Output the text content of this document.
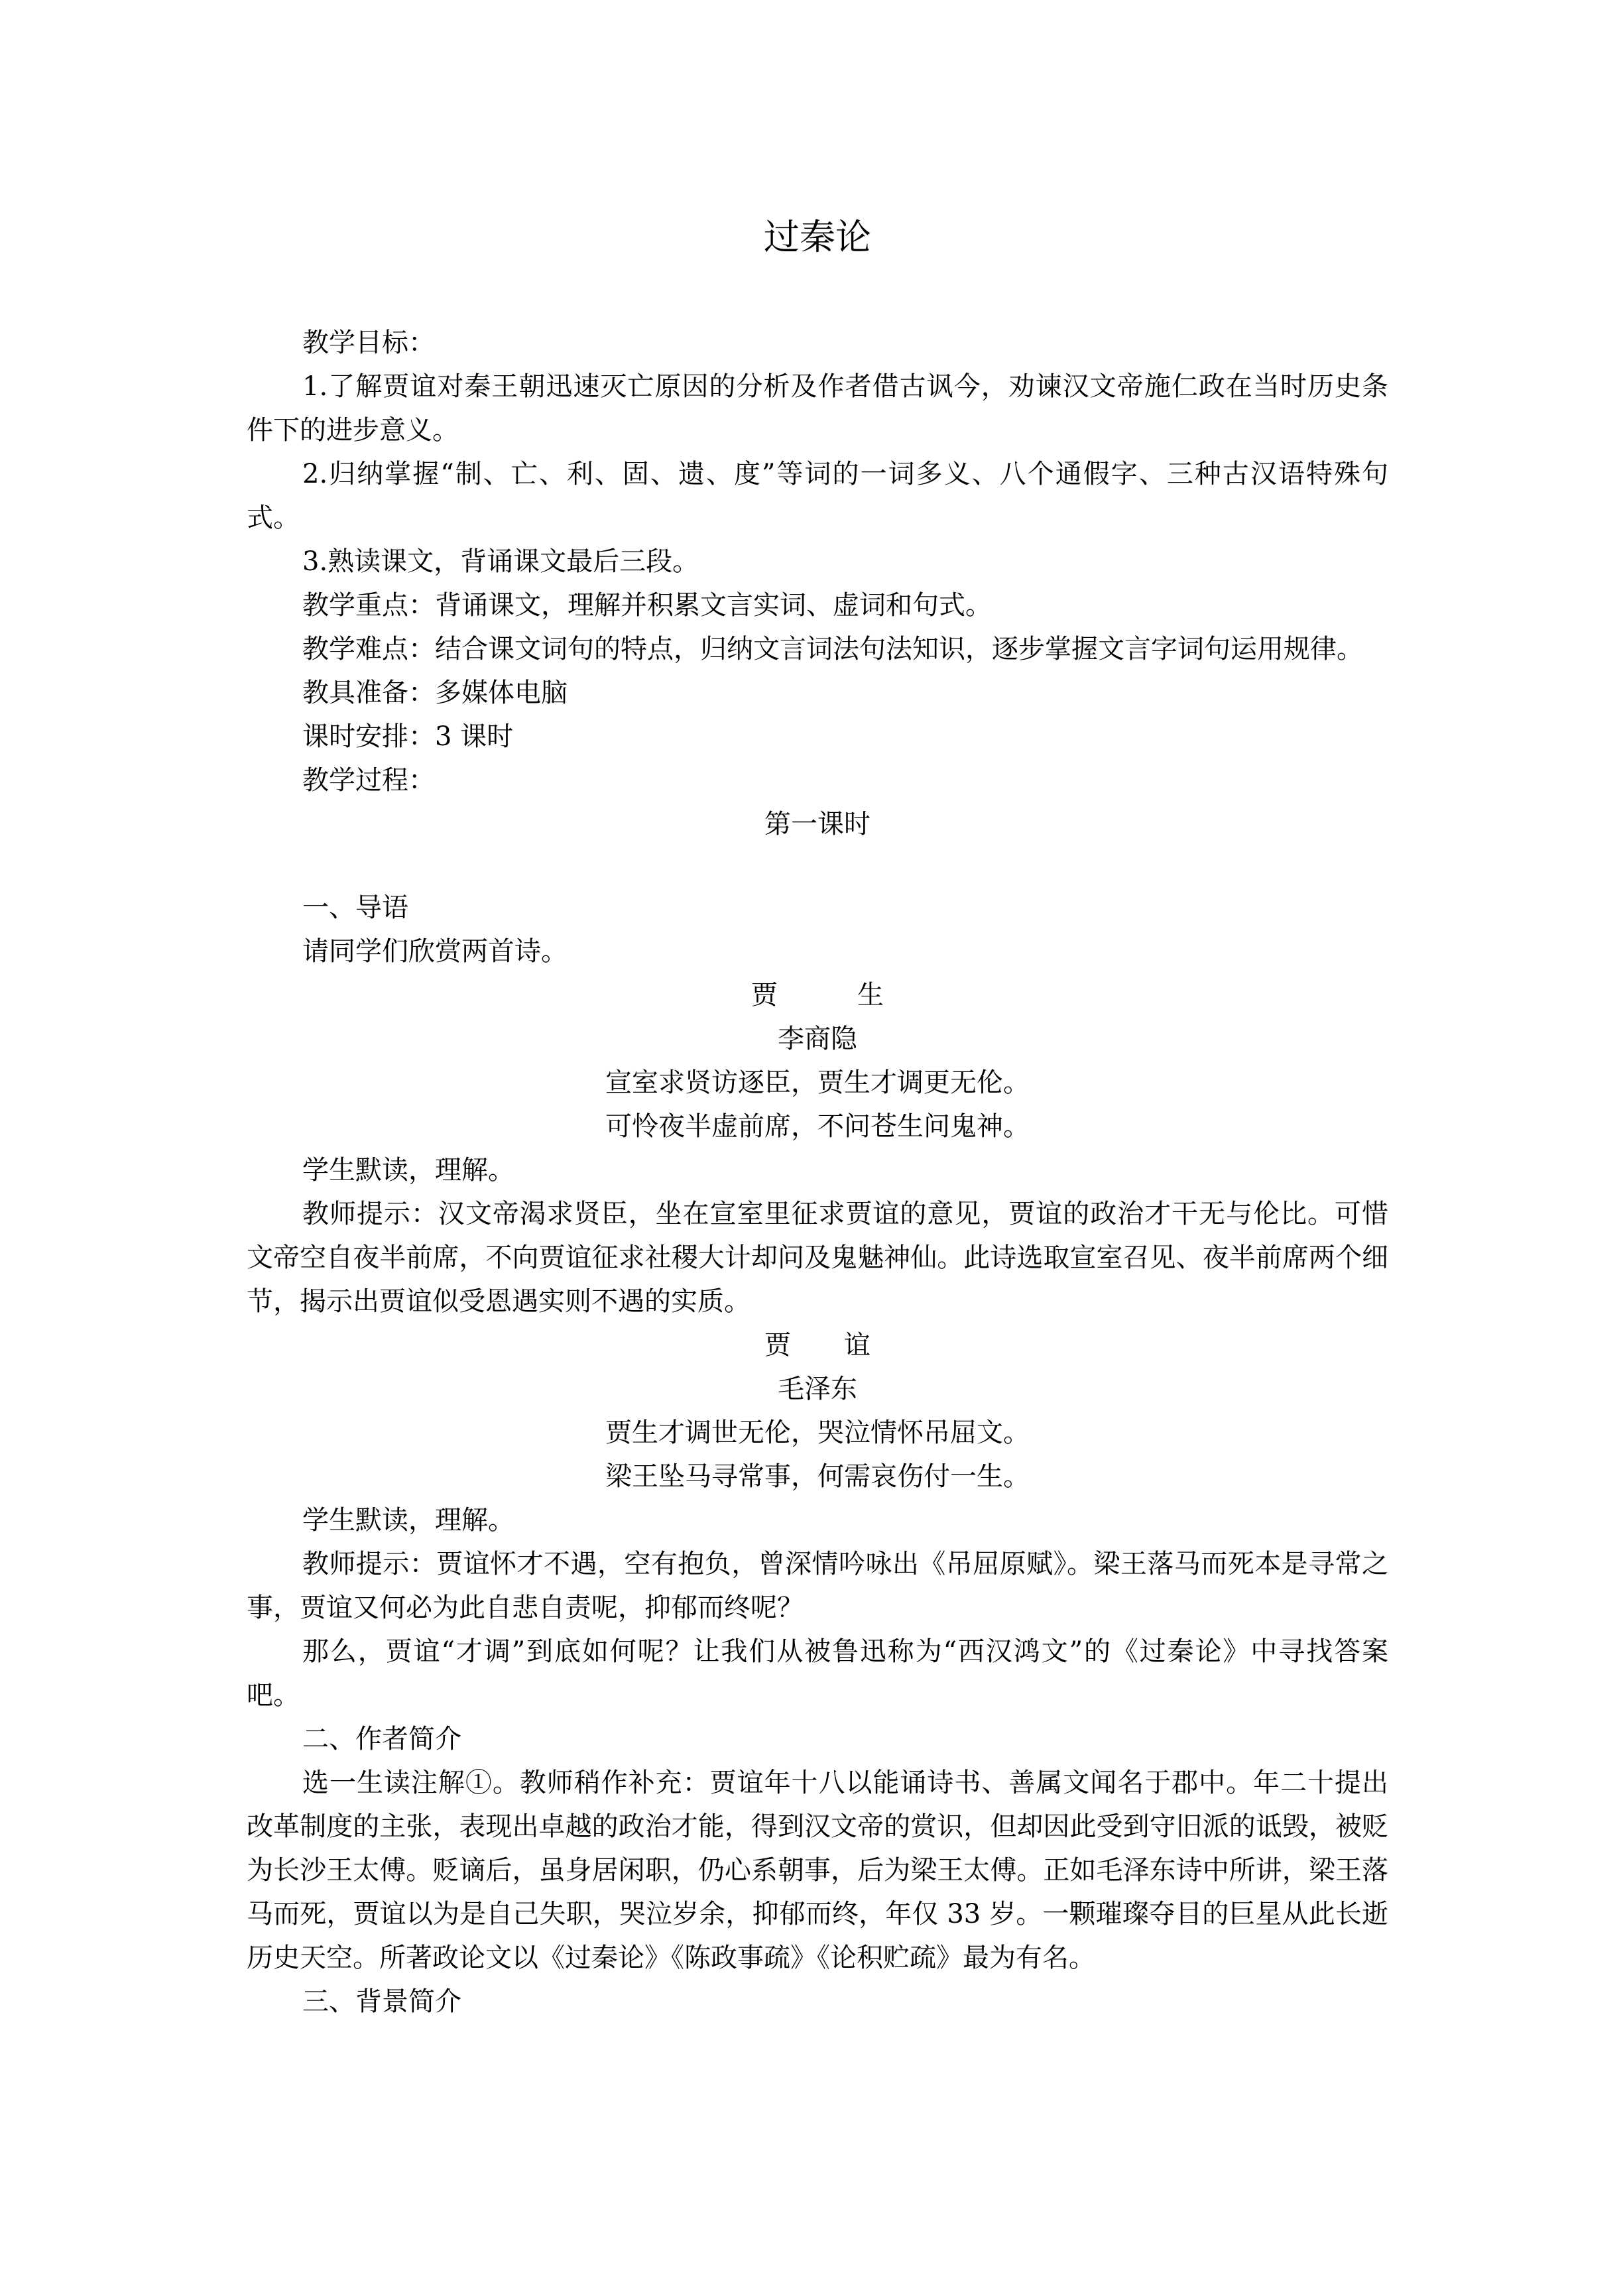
过秦论

教学目标：

1.了解贾谊对秦王朝迅速灭亡原因的分析及作者借古讽今，劝谏汉文帝施仁政在当时历史条件下的进步意义。

2.归纳掌握“制、亡、利、固、遗、度”等词的一词多义、八个通假字、三种古汉语特殊句式。

3.熟读课文，背诵课文最后三段。

教学重点：背诵课文，理解并积累文言实词、虚词和句式。

教学难点：结合课文词句的特点，归纳文言词法句法知识，逐步掌握文言字词句运用规律。

教具准备：多媒体电脑

课时安排：3 课时

教学过程：

第一课时

一、导语

请同学们欣赏两首诗。

贾　　　生

李商隐

宣室求贤访逐臣，贾生才调更无伦。

可怜夜半虚前席，不问苍生问鬼神。

学生默读，理解。

教师提示：汉文帝渴求贤臣，坐在宣室里征求贾谊的意见，贾谊的政治才干无与伦比。可惜文帝空自夜半前席，不向贾谊征求社稷大计却问及鬼魅神仙。此诗选取宣室召见、夜半前席两个细节，揭示出贾谊似受恩遇实则不遇的实质。

贾　　谊

毛泽东

贾生才调世无伦，哭泣情怀吊屈文。

梁王坠马寻常事，何需哀伤付一生。

学生默读，理解。

教师提示：贾谊怀才不遇，空有抱负，曾深情吟咏出《吊屈原赋》。梁王落马而死本是寻常之事，贾谊又何必为此自悲自责呢，抑郁而终呢？

那么，贾谊“才调”到底如何呢？让我们从被鲁迅称为“西汉鸿文”的《过秦论》中寻找答案吧。

二、作者简介

选一生读注解①。教师稍作补充：贾谊年十八以能诵诗书、善属文闻名于郡中。年二十提出改革制度的主张，表现出卓越的政治才能，得到汉文帝的赏识，但却因此受到守旧派的诋毁，被贬为长沙王太傅。贬谪后，虽身居闲职，仍心系朝事，后为梁王太傅。正如毛泽东诗中所讲，梁王落马而死，贾谊以为是自己失职，哭泣岁余，抑郁而终，年仅 33 岁。一颗璀璨夺目的巨星从此长逝历史天空。所著政论文以《过秦论》《陈政事疏》《论积贮疏》最为有名。

三、背景简介
